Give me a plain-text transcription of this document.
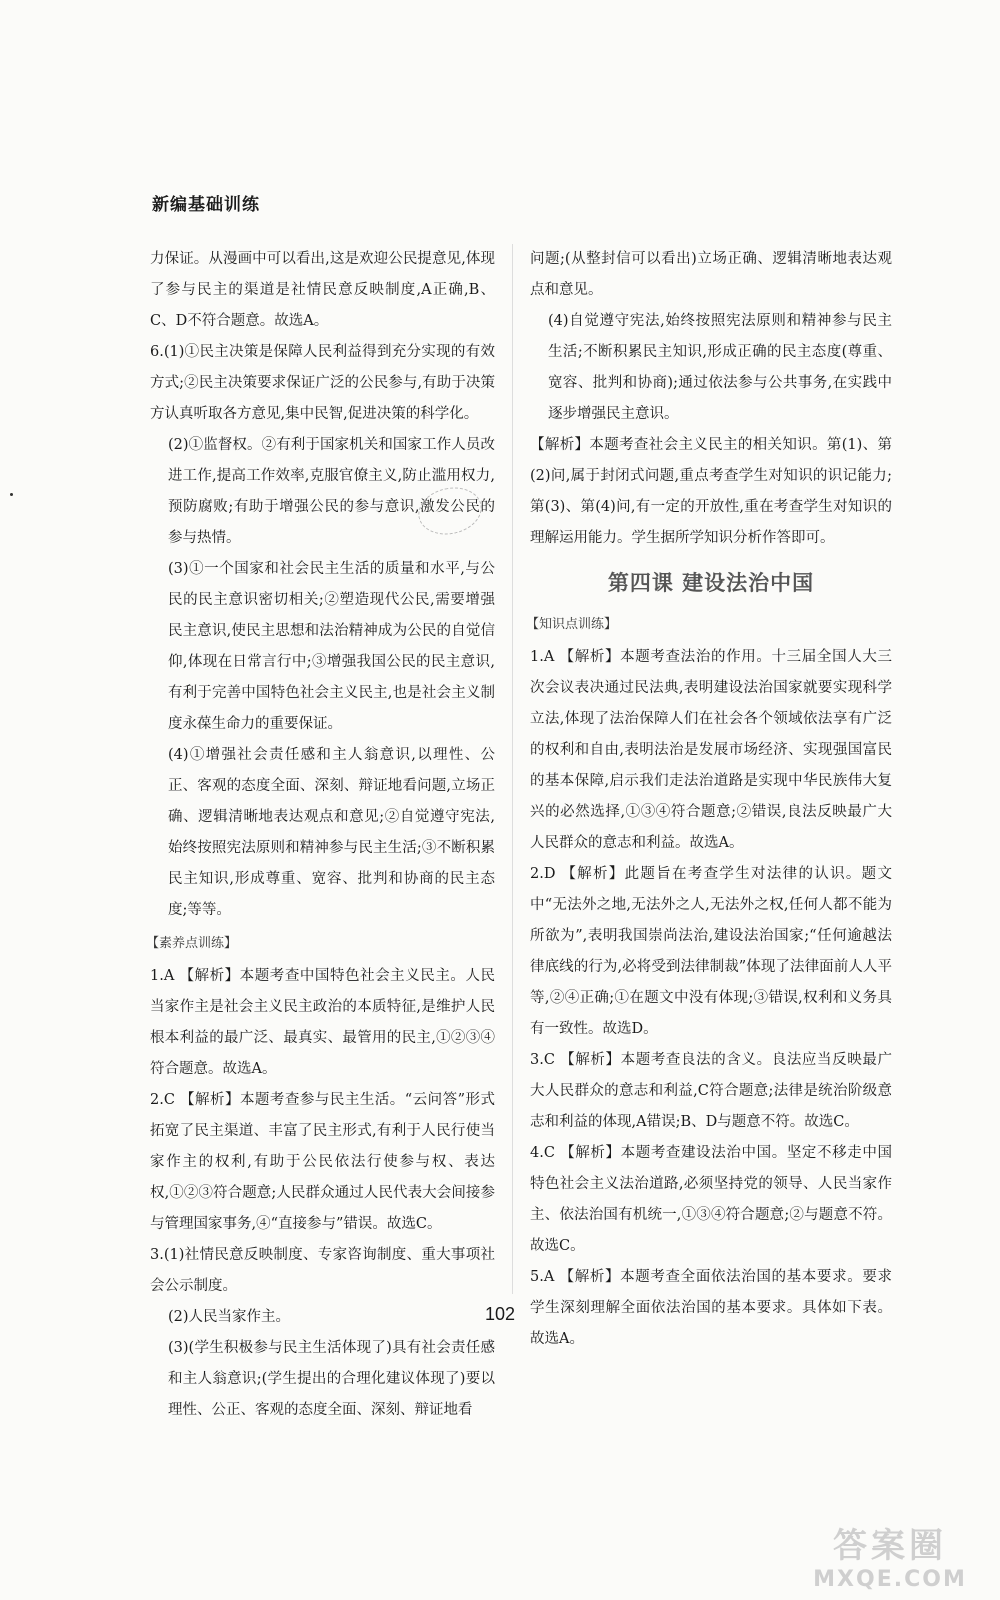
新编基础训练

力保证。从漫画中可以看出,这是欢迎公民提意见,体现了参与民主的渠道是社情民意反映制度,A正确,B、C、D不符合题意。故选A。

6.(1)①民主决策是保障人民利益得到充分实现的有效方式;②民主决策要求保证广泛的公民参与,有助于决策方认真听取各方意见,集中民智,促进决策的科学化。

(2)①监督权。②有利于国家机关和国家工作人员改进工作,提高工作效率,克服官僚主义,防止滥用权力,预防腐败;有助于增强公民的参与意识,激发公民的参与热情。

(3)①一个国家和社会民主生活的质量和水平,与公民的民主意识密切相关;②塑造现代公民,需要增强民主意识,使民主思想和法治精神成为公民的自觉信仰,体现在日常言行中;③增强我国公民的民主意识,有利于完善中国特色社会主义民主,也是社会主义制度永葆生命力的重要保证。

(4)①增强社会责任感和主人翁意识,以理性、公正、客观的态度全面、深刻、辩证地看问题,立场正确、逻辑清晰地表达观点和意见;②自觉遵守宪法,始终按照宪法原则和精神参与民主生活;③不断积累民主知识,形成尊重、宽容、批判和协商的民主态度;等等。

【素养点训练】

1.A 【解析】本题考查中国特色社会主义民主。人民当家作主是社会主义民主政治的本质特征,是维护人民根本利益的最广泛、最真实、最管用的民主,①②③④符合题意。故选A。

2.C 【解析】本题考查参与民主生活。“云问答”形式拓宽了民主渠道、丰富了民主形式,有利于人民行使当家作主的权利,有助于公民依法行使参与权、表达权,①②③符合题意;人民群众通过人民代表大会间接参与管理国家事务,④“直接参与”错误。故选C。

3.(1)社情民意反映制度、专家咨询制度、重大事项社会公示制度。

(2)人民当家作主。

(3)(学生积极参与民主生活体现了)具有社会责任感和主人翁意识;(学生提出的合理化建议体现了)要以理性、公正、客观的态度全面、深刻、辩证地看

问题;(从整封信可以看出)立场正确、逻辑清晰地表达观点和意见。

(4)自觉遵守宪法,始终按照宪法原则和精神参与民主生活;不断积累民主知识,形成正确的民主态度(尊重、宽容、批判和协商);通过依法参与公共事务,在实践中逐步增强民主意识。

【解析】本题考查社会主义民主的相关知识。第(1)、第(2)问,属于封闭式问题,重点考查学生对知识的识记能力;第(3)、第(4)问,有一定的开放性,重在考查学生对知识的理解运用能力。学生据所学知识分析作答即可。

第四课 建设法治中国
【知识点训练】

1.A 【解析】本题考查法治的作用。十三届全国人大三次会议表决通过民法典,表明建设法治国家就要实现科学立法,体现了法治保障人们在社会各个领域依法享有广泛的权利和自由,表明法治是发展市场经济、实现强国富民的基本保障,启示我们走法治道路是实现中华民族伟大复兴的必然选择,①③④符合题意;②错误,良法反映最广大人民群众的意志和利益。故选A。

2.D 【解析】此题旨在考查学生对法律的认识。题文中“无法外之地,无法外之人,无法外之权,任何人都不能为所欲为”,表明我国崇尚法治,建设法治国家;“任何逾越法律底线的行为,必将受到法律制裁”体现了法律面前人人平等,②④正确;①在题文中没有体现;③错误,权利和义务具有一致性。故选D。

3.C 【解析】本题考查良法的含义。良法应当反映最广大人民群众的意志和利益,C符合题意;法律是统治阶级意志和利益的体现,A错误;B、D与题意不符。故选C。

4.C 【解析】本题考查建设法治中国。坚定不移走中国特色社会主义法治道路,必须坚持党的领导、人民当家作主、依法治国有机统一,①③④符合题意;②与题意不符。故选C。

5.A 【解析】本题考查全面依法治国的基本要求。要求学生深刻理解全面依法治国的基本要求。具体如下表。故选A。

102
答案圈
MXQE.COM
